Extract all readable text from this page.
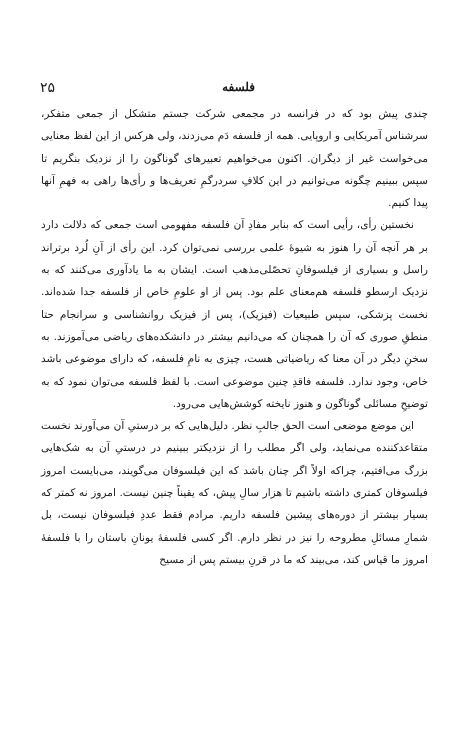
فلسفه
۲۵

چندی پیش بود که در فرانسه در مجمعی شرکت جستم متشکل از جمعی متفکر، سرشناس آمریکایی و اروپایی. همه از فلسفه دَم می‌زدند، ولی هرکس از این لفظ معنایی می‌خواست غیر از دیگران. اکنون می‌خواهیم تعبیرهای گوناگون را از نزدیک بنگریم تا سپس ببینیم چگونه می‌توانیم در این کلافِ سردرگمِ تعریف‌ها و رأی‌ها راهی به فهمِ آنها پیدا کنیم.

نخستین رأی، رأیی است که بنابر مفادِ آن فلسفه مفهومی است جمعی که دلالت دارد بر هر آنچه آن را هنوز به شیوهٔ علمی بررسی نمی‌توان کرد. این رأی از آنِ لُرد برتراند راسل و بسیاری از فیلسوفانِ تحصّلی‌مذهب است. ایشان به ما یادآوری می‌کنند که به نزدیک ارسطو فلسفه هم‌معنای علم بود. پس از او علومِ خاص از فلسفه جدا شده‌اند. نخست پزشکی، سپس طبیعیات (فیزیک)، پس از فیزیک روانشناسی و سرانجام حتا منطقِ صوری که آن را همچنان که می‌دانیم بیشتر در دانشکده‌های ریاضی می‌آموزند. به سخنِ دیگر در آن معنا که ریاضیاتی هست، چیزی به نامِ فلسفه، که دارای موضوعی باشد خاص، وجود ندارد. فلسفه فاقدِ چنین موضوعی است. با لفظ فلسفه می‌توان نمود که به توضیحِ مسائلی گوناگون و هنوز نایخته کوشش‌هایی می‌رود.

این موضع موضعی است الحق جالبِ نظر. دلیل‌هایی که بر درستیِ آن می‌آورند نخست متقاعدکننده می‌نماید، ولی اگر مطلب را از نزدیکتر ببینیم در درستیِ آن به شک‌هایی بزرگ می‌افتیم، چراکه اولاً اگر چنان باشد که این فیلسوفان می‌گویند، می‌بایست امروز فیلسوفان کمتری داشته باشیم تا هزار سالِ پیش، که یقیناً چنین نیست. امروز نه کمتر که بسیار بیشتر از دوره‌های پیشین فلسفه داریم. مرادم فقط عددِ فیلسوفان نیست، بل شمارِ مسائلِ مطروحه را نیز در نظر دارم. اگر کسی فلسفهٔ یونانِ باستان را با فلسفهٔ امروز ما قیاس کند، می‌بیند که ما در قرنِ بیستم پس از مسیح
